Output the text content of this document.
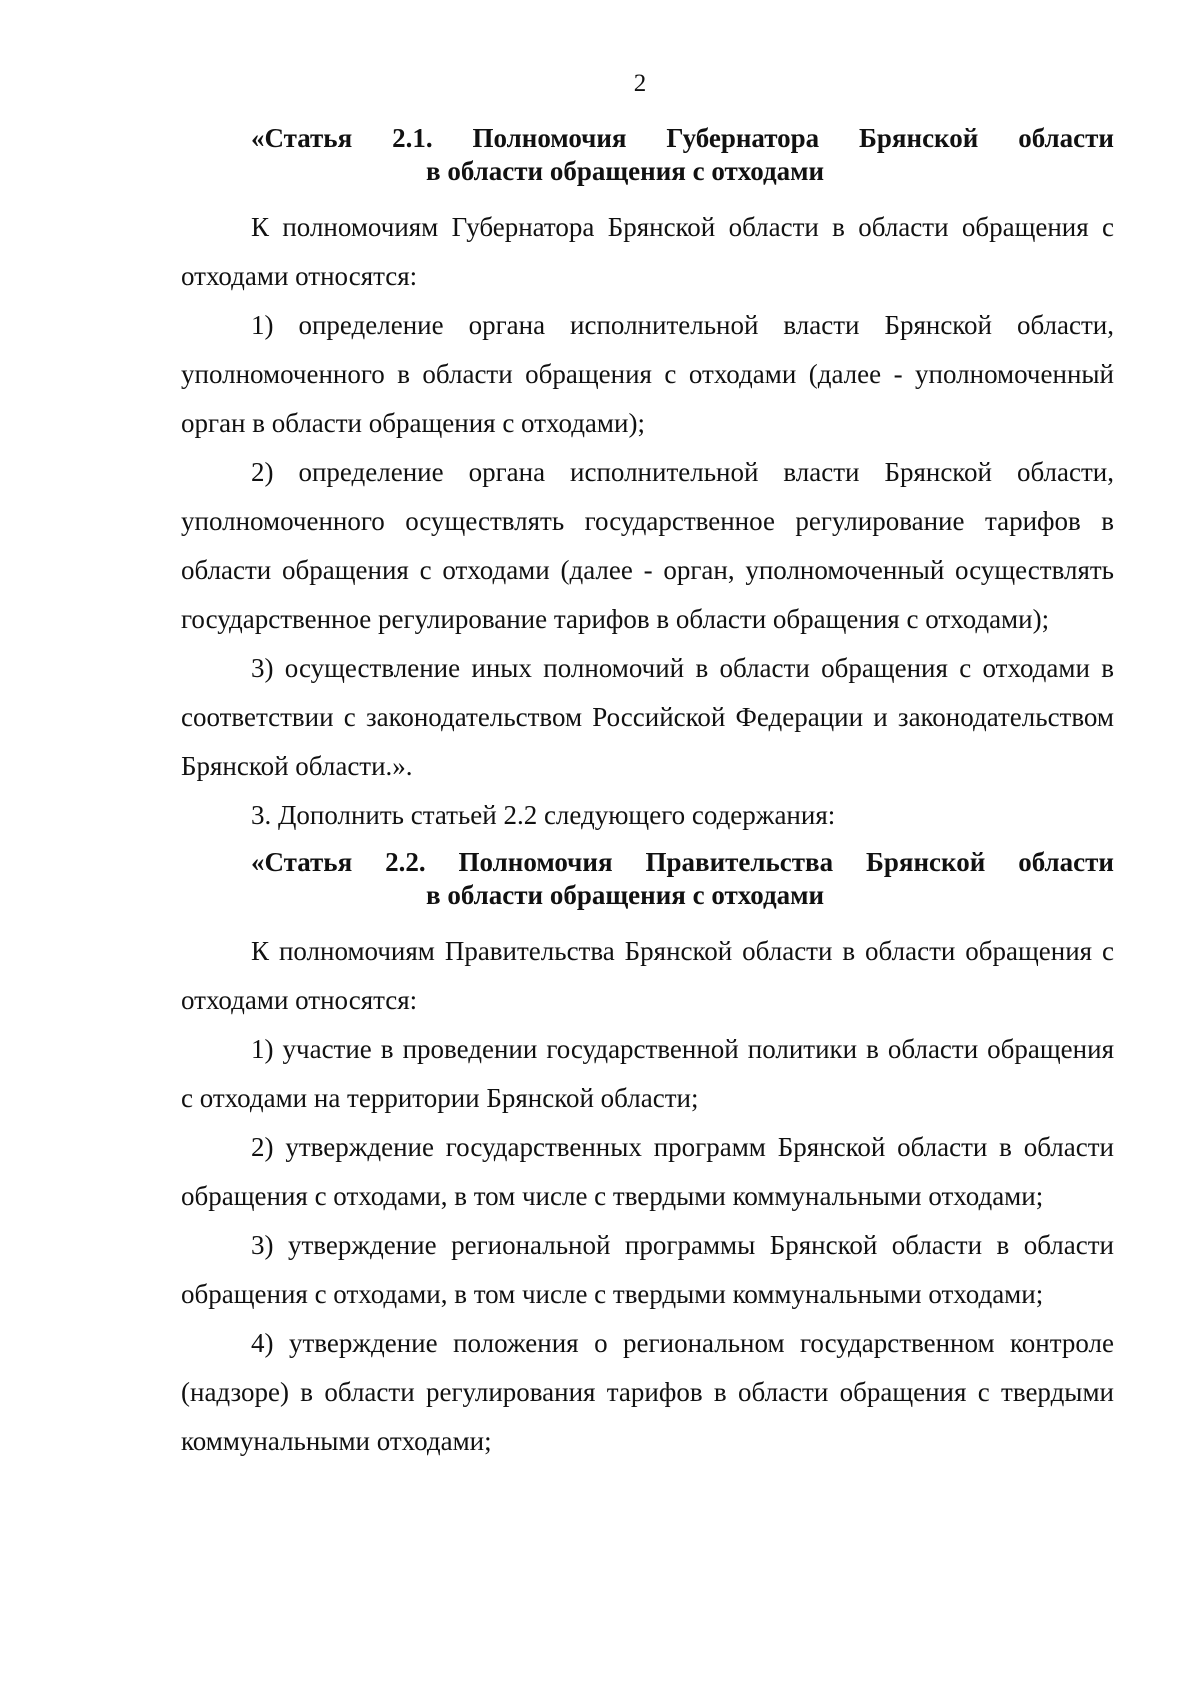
2
«Статья 2.1. Полномочия Губернатора Брянской области
в области обращения с отходами

К полномочиям Губернатора Брянской области в области обращения с отходами относятся:

1) определение органа исполнительной власти Брянской области, уполномоченного в области обращения с отходами (далее - уполномоченный орган в области обращения с отходами);

2) определение органа исполнительной власти Брянской области, уполномоченного осуществлять государственное регулирование тарифов в области обращения с отходами (далее - орган, уполномоченный осуществлять государственное регулирование тарифов в области обращения с отходами);

3) осуществление иных полномочий в области обращения с отходами в соответствии с законодательством Российской Федерации и законодательством Брянской области.».

3. Дополнить статьей 2.2 следующего содержания:

«Статья 2.2. Полномочия Правительства Брянской области
в области обращения с отходами

К полномочиям Правительства Брянской области в области обращения с отходами относятся:

1) участие в проведении государственной политики в области обращения с отходами на территории Брянской области;

2) утверждение государственных программ Брянской области в области обращения с отходами, в том числе с твердыми коммунальными отходами;

3) утверждение региональной программы Брянской области в области обращения с отходами, в том числе с твердыми коммунальными отходами;

4) утверждение положения о региональном государственном контроле (надзоре) в области регулирования тарифов в области обращения с твердыми коммунальными отходами;
